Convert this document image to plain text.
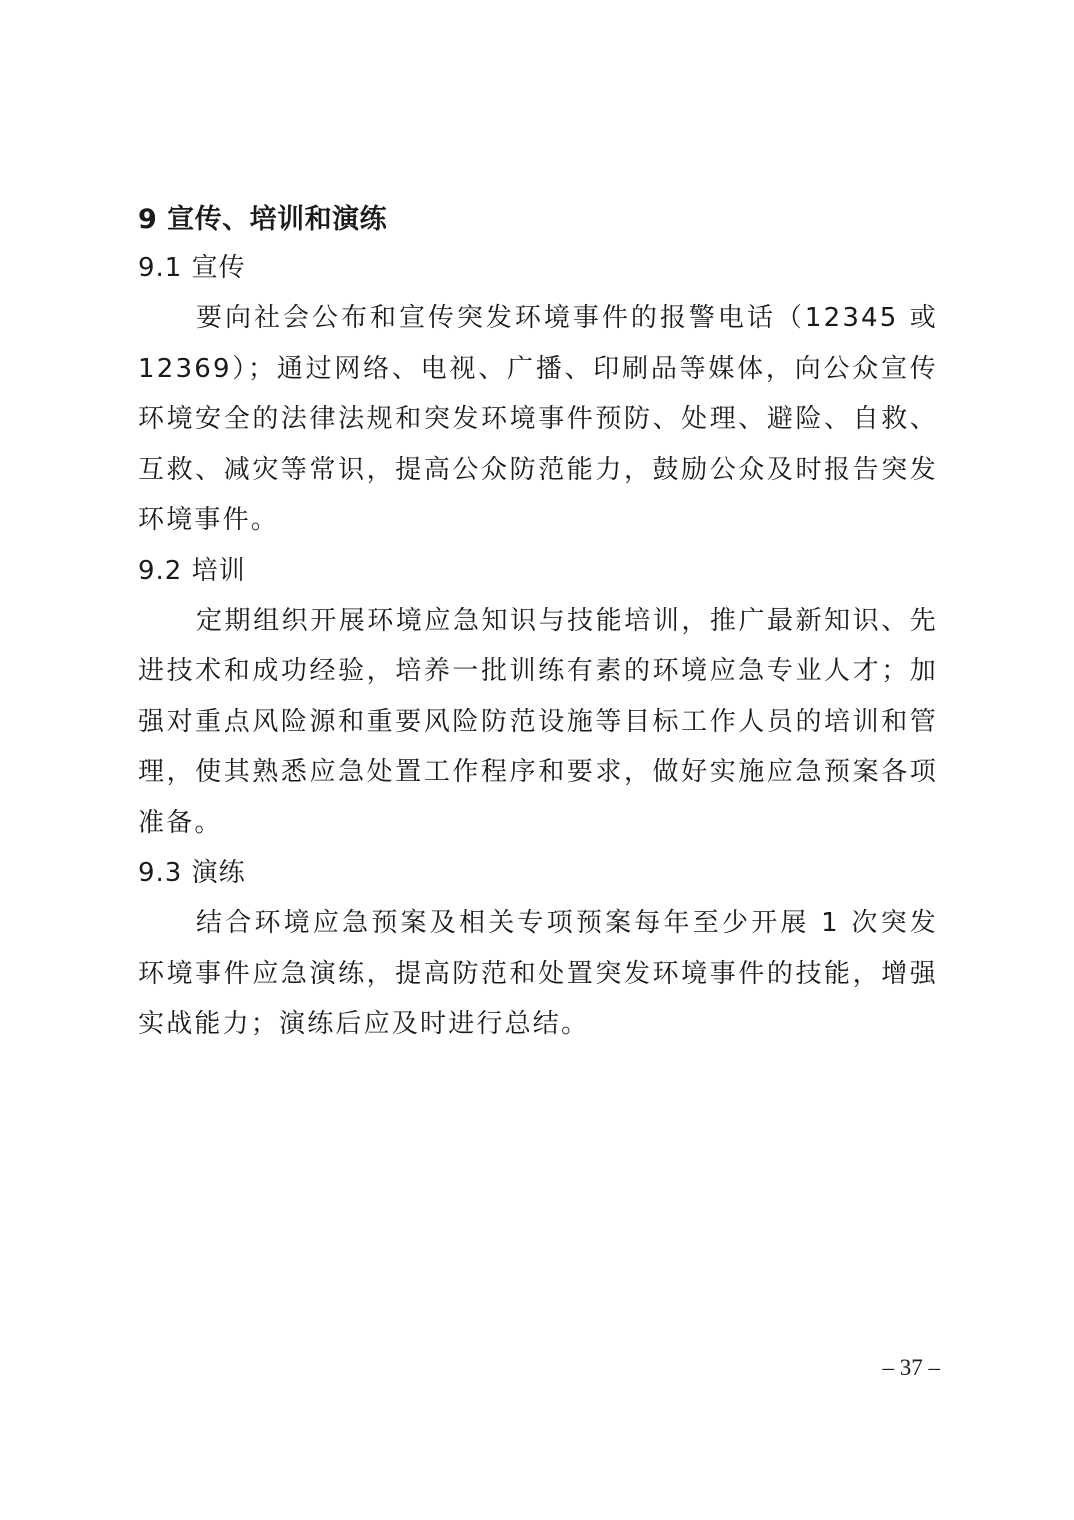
9 宣传、培训和演练
9.1 宣传

要向社会公布和宣传突发环境事件的报警电话（12345 或12369）；通过网络、电视、广播、印刷品等媒体，向公众宣传环境安全的法律法规和突发环境事件预防、处理、避险、自救、互救、减灾等常识，提高公众防范能力，鼓励公众及时报告突发环境事件。

9.2 培训

定期组织开展环境应急知识与技能培训，推广最新知识、先进技术和成功经验，培养一批训练有素的环境应急专业人才；加强对重点风险源和重要风险防范设施等目标工作人员的培训和管理，使其熟悉应急处置工作程序和要求，做好实施应急预案各项准备。

9.3 演练

结合环境应急预案及相关专项预案每年至少开展 1 次突发环境事件应急演练，提高防范和处置突发环境事件的技能，增强实战能力；演练后应及时进行总结。

– 37 –
